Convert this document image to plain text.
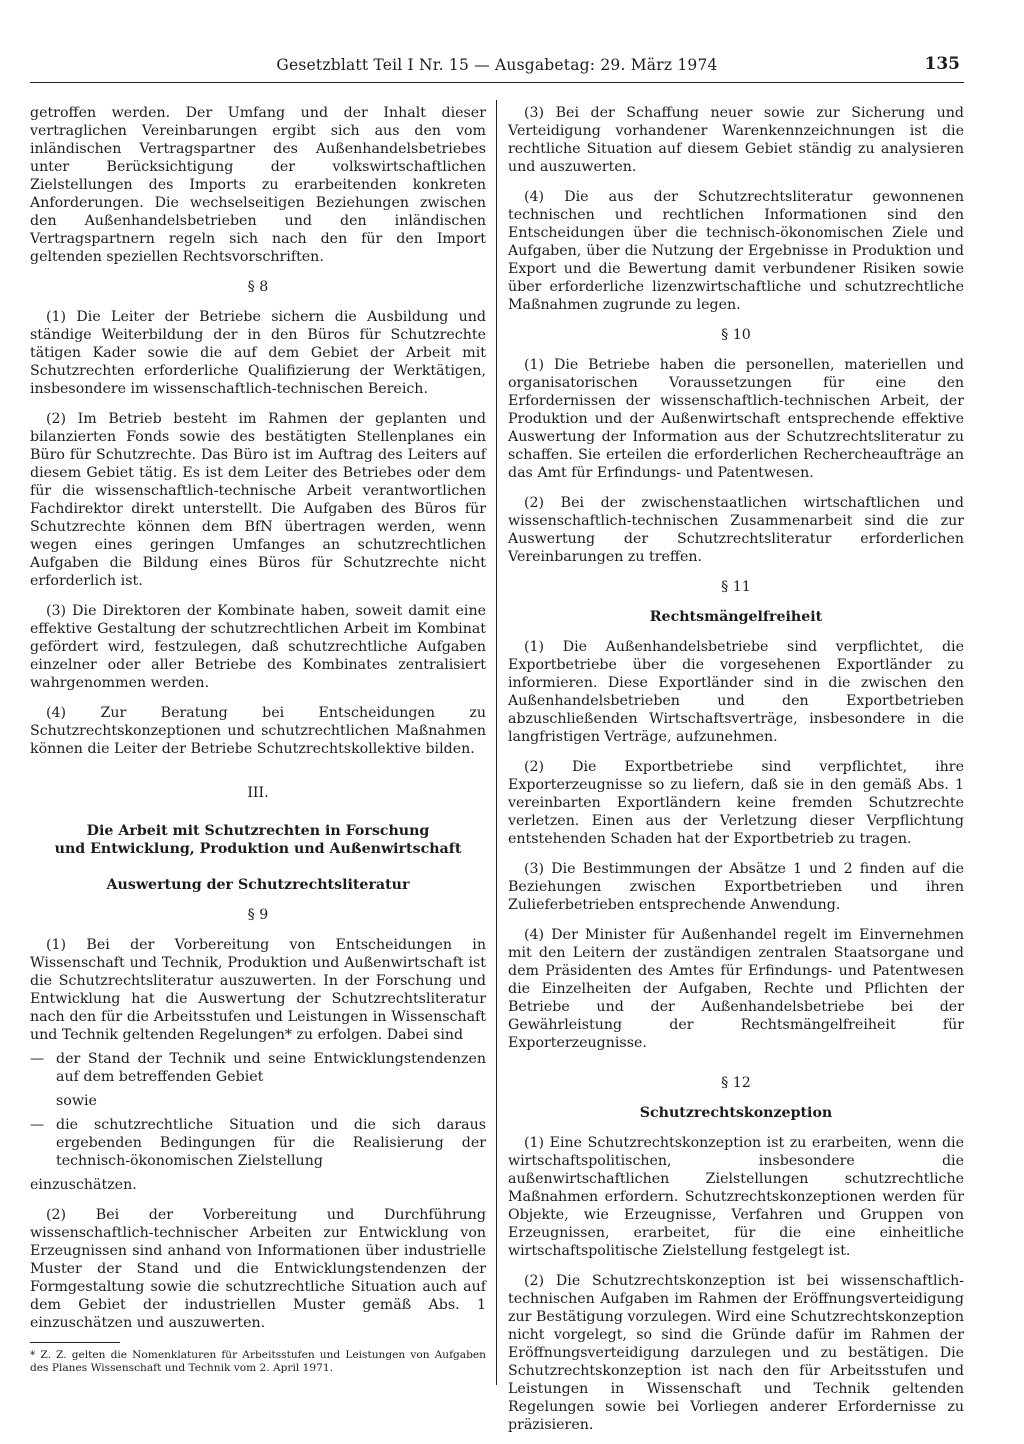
Gesetzblatt Teil I Nr. 15 — Ausgabetag: 29. März 1974	135

getroffen werden. Der Umfang und der Inhalt dieser vertraglichen Vereinbarungen ergibt sich aus den vom inländischen Vertragspartner des Außenhandelsbetriebes unter Berücksichtigung der volkswirtschaftlichen Zielstellungen des Imports zu erarbeitenden konkreten Anforderungen. Die wechselseitigen Beziehungen zwischen den Außenhandelsbetrieben und den inländischen Vertragspartnern regeln sich nach den für den Import geltenden speziellen Rechtsvorschriften.

§ 8

(1) Die Leiter der Betriebe sichern die Ausbildung und ständige Weiterbildung der in den Büros für Schutzrechte tätigen Kader sowie die auf dem Gebiet der Arbeit mit Schutzrechten erforderliche Qualifizierung der Werktätigen, insbesondere im wissenschaftlich-technischen Bereich.

(2) Im Betrieb besteht im Rahmen der geplanten und bilanzierten Fonds sowie des bestätigten Stellenplanes ein Büro für Schutzrechte. Das Büro ist im Auftrag des Leiters auf diesem Gebiet tätig. Es ist dem Leiter des Betriebes oder dem für die wissenschaftlich-technische Arbeit verantwortlichen Fachdirektor direkt unterstellt. Die Aufgaben des Büros für Schutzrechte können dem BfN übertragen werden, wenn wegen eines geringen Umfanges an schutzrechtlichen Aufgaben die Bildung eines Büros für Schutzrechte nicht erforderlich ist.

(3) Die Direktoren der Kombinate haben, soweit damit eine effektive Gestaltung der schutzrechtlichen Arbeit im Kombinat gefördert wird, festzulegen, daß schutzrechtliche Aufgaben einzelner oder aller Betriebe des Kombinates zentralisiert wahrgenommen werden.

(4) Zur Beratung bei Entscheidungen zu Schutzrechtskonzeptionen und schutzrechtlichen Maßnahmen können die Leiter der Betriebe Schutzrechtskollektive bilden.

III.

Die Arbeit mit Schutzrechten in Forschung

und Entwicklung, Produktion und Außenwirtschaft

Auswertung der Schutzrechtsliteratur

§ 9

(1) Bei der Vorbereitung von Entscheidungen in Wissenschaft und Technik, Produktion und Außenwirtschaft ist die Schutzrechtsliteratur auszuwerten. In der Forschung und Entwicklung hat die Auswertung der Schutzrechtsliteratur nach den für die Arbeitsstufen und Leistungen in Wissenschaft und Technik geltenden Regelungen* zu erfolgen. Dabei sind

— der Stand der Technik und seine Entwicklungstendenzen auf dem betreffenden Gebiet

sowie

— die schutzrechtliche Situation und die sich daraus ergebenden Bedingungen für die Realisierung der technisch-ökonomischen Zielstellung

einzuschätzen.

(2) Bei der Vorbereitung und Durchführung wissenschaftlich-technischer Arbeiten zur Entwicklung von Erzeugnissen sind anhand von Informationen über industrielle Muster der Stand und die Entwicklungstendenzen der Formgestaltung sowie die schutzrechtliche Situation auch auf dem Gebiet der industriellen Muster gemäß Abs. 1 einzuschätzen und auszuwerten.

* Z. Z. gelten die Nomenklaturen für Arbeitsstufen und Leistungen von Aufgaben des Planes Wissenschaft und Technik vom 2. April 1971.

(3) Bei der Schaffung neuer sowie zur Sicherung und Verteidigung vorhandener Warenkennzeichnungen ist die rechtliche Situation auf diesem Gebiet ständig zu analysieren und auszuwerten.

(4) Die aus der Schutzrechtsliteratur gewonnenen technischen und rechtlichen Informationen sind den Entscheidungen über die technisch-ökonomischen Ziele und Aufgaben, über die Nutzung der Ergebnisse in Produktion und Export und die Bewertung damit verbundener Risiken sowie über erforderliche lizenzwirtschaftliche und schutzrechtliche Maßnahmen zugrunde zu legen.

§ 10

(1) Die Betriebe haben die personellen, materiellen und organisatorischen Voraussetzungen für eine den Erfordernissen der wissenschaftlich-technischen Arbeit, der Produktion und der Außenwirtschaft entsprechende effektive Auswertung der Information aus der Schutzrechtsliteratur zu schaffen. Sie erteilen die erforderlichen Rechercheaufträge an das Amt für Erfindungs- und Patentwesen.

(2) Bei der zwischenstaatlichen wirtschaftlichen und wissenschaftlich-technischen Zusammenarbeit sind die zur Auswertung der Schutzrechtsliteratur erforderlichen Vereinbarungen zu treffen.

§ 11

Rechtsmängelfreiheit

(1) Die Außenhandelsbetriebe sind verpflichtet, die Exportbetriebe über die vorgesehenen Exportländer zu informieren. Diese Exportländer sind in die zwischen den Außenhandelsbetrieben und den Exportbetrieben abzuschließenden Wirtschaftsverträge, insbesondere in die langfristigen Verträge, aufzunehmen.

(2) Die Exportbetriebe sind verpflichtet, ihre Exporterzeugnisse so zu liefern, daß sie in den gemäß Abs. 1 vereinbarten Exportländern keine fremden Schutzrechte verletzen. Einen aus der Verletzung dieser Verpflichtung entstehenden Schaden hat der Exportbetrieb zu tragen.

(3) Die Bestimmungen der Absätze 1 und 2 finden auf die Beziehungen zwischen Exportbetrieben und ihren Zulieferbetrieben entsprechende Anwendung.

(4) Der Minister für Außenhandel regelt im Einvernehmen mit den Leitern der zuständigen zentralen Staatsorgane und dem Präsidenten des Amtes für Erfindungs- und Patentwesen die Einzelheiten der Aufgaben, Rechte und Pflichten der Betriebe und der Außenhandelsbetriebe bei der Gewährleistung der Rechtsmängelfreiheit für Exporterzeugnisse.

§ 12

Schutzrechtskonzeption

(1) Eine Schutzrechtskonzeption ist zu erarbeiten, wenn die wirtschaftspolitischen, insbesondere die außenwirtschaftlichen Zielstellungen schutzrechtliche Maßnahmen erfordern. Schutzrechtskonzeptionen werden für Objekte, wie Erzeugnisse, Verfahren und Gruppen von Erzeugnissen, erarbeitet, für die eine einheitliche wirtschaftspolitische Zielstellung festgelegt ist.

(2) Die Schutzrechtskonzeption ist bei wissenschaftlich-technischen Aufgaben im Rahmen der Eröffnungsverteidigung zur Bestätigung vorzulegen. Wird eine Schutzrechtskonzeption nicht vorgelegt, so sind die Gründe dafür im Rahmen der Eröffnungsverteidigung darzulegen und zu bestätigen. Die Schutzrechtskonzeption ist nach den für Arbeitsstufen und Leistungen in Wissenschaft und Technik geltenden Regelungen sowie bei Vorliegen anderer Erfordernisse zu präzisieren.
